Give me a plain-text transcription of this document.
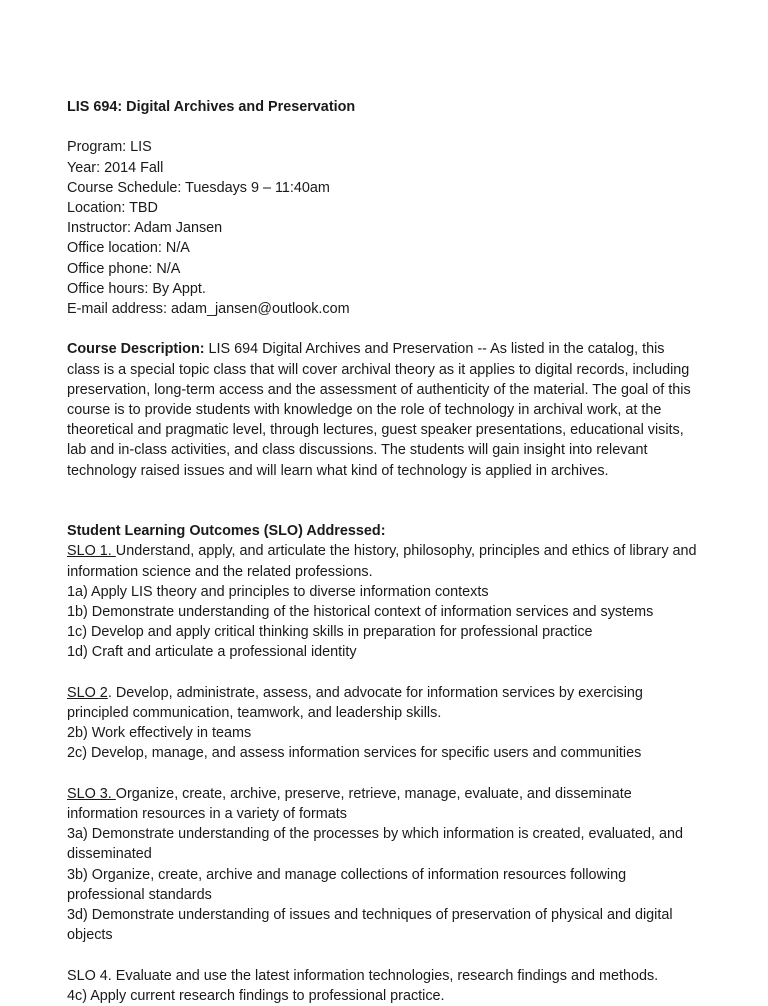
LIS 694: Digital Archives and Preservation
Program: LIS
Year: 2014 Fall
Course Schedule: Tuesdays 9 – 11:40am
Location: TBD
Instructor: Adam Jansen
Office location: N/A
Office phone: N/A
Office hours: By Appt.
E-mail address: adam_jansen@outlook.com

Course Description: LIS 694 Digital Archives and Preservation -- As listed in the catalog, this class is a special topic class that will cover archival theory as it applies to digital records, including preservation, long-term access and the assessment of authenticity of the material. The goal of this course is to provide students with knowledge on the role of technology in archival work, at the theoretical and pragmatic level, through lectures, guest speaker presentations, educational visits, lab and in-class activities, and class discussions. The students will gain insight into relevant technology raised issues and will learn what kind of technology is applied in archives.

Student Learning Outcomes (SLO) Addressed:

SLO 1. Understand, apply, and articulate the history, philosophy, principles and ethics of library and information science and the related professions.

1a) Apply LIS theory and principles to diverse information contexts

1b) Demonstrate understanding of the historical context of information services and systems

1c) Develop and apply critical thinking skills in preparation for professional practice

1d) Craft and articulate a professional identity

SLO 2. Develop, administrate, assess, and advocate for information services by exercising principled communication, teamwork, and leadership skills.

2b) Work effectively in teams

2c) Develop, manage, and assess information services for specific users and communities

SLO 3. Organize, create, archive, preserve, retrieve, manage, evaluate, and disseminate information resources in a variety of formats

3a) Demonstrate understanding of the processes by which information is created, evaluated, and disseminated

3b) Organize, create, archive and manage collections of information resources following professional standards

3d) Demonstrate understanding of issues and techniques of preservation of physical and digital objects

SLO 4. Evaluate and use the latest information technologies, research findings and methods.

4c) Apply current research findings to professional practice.
